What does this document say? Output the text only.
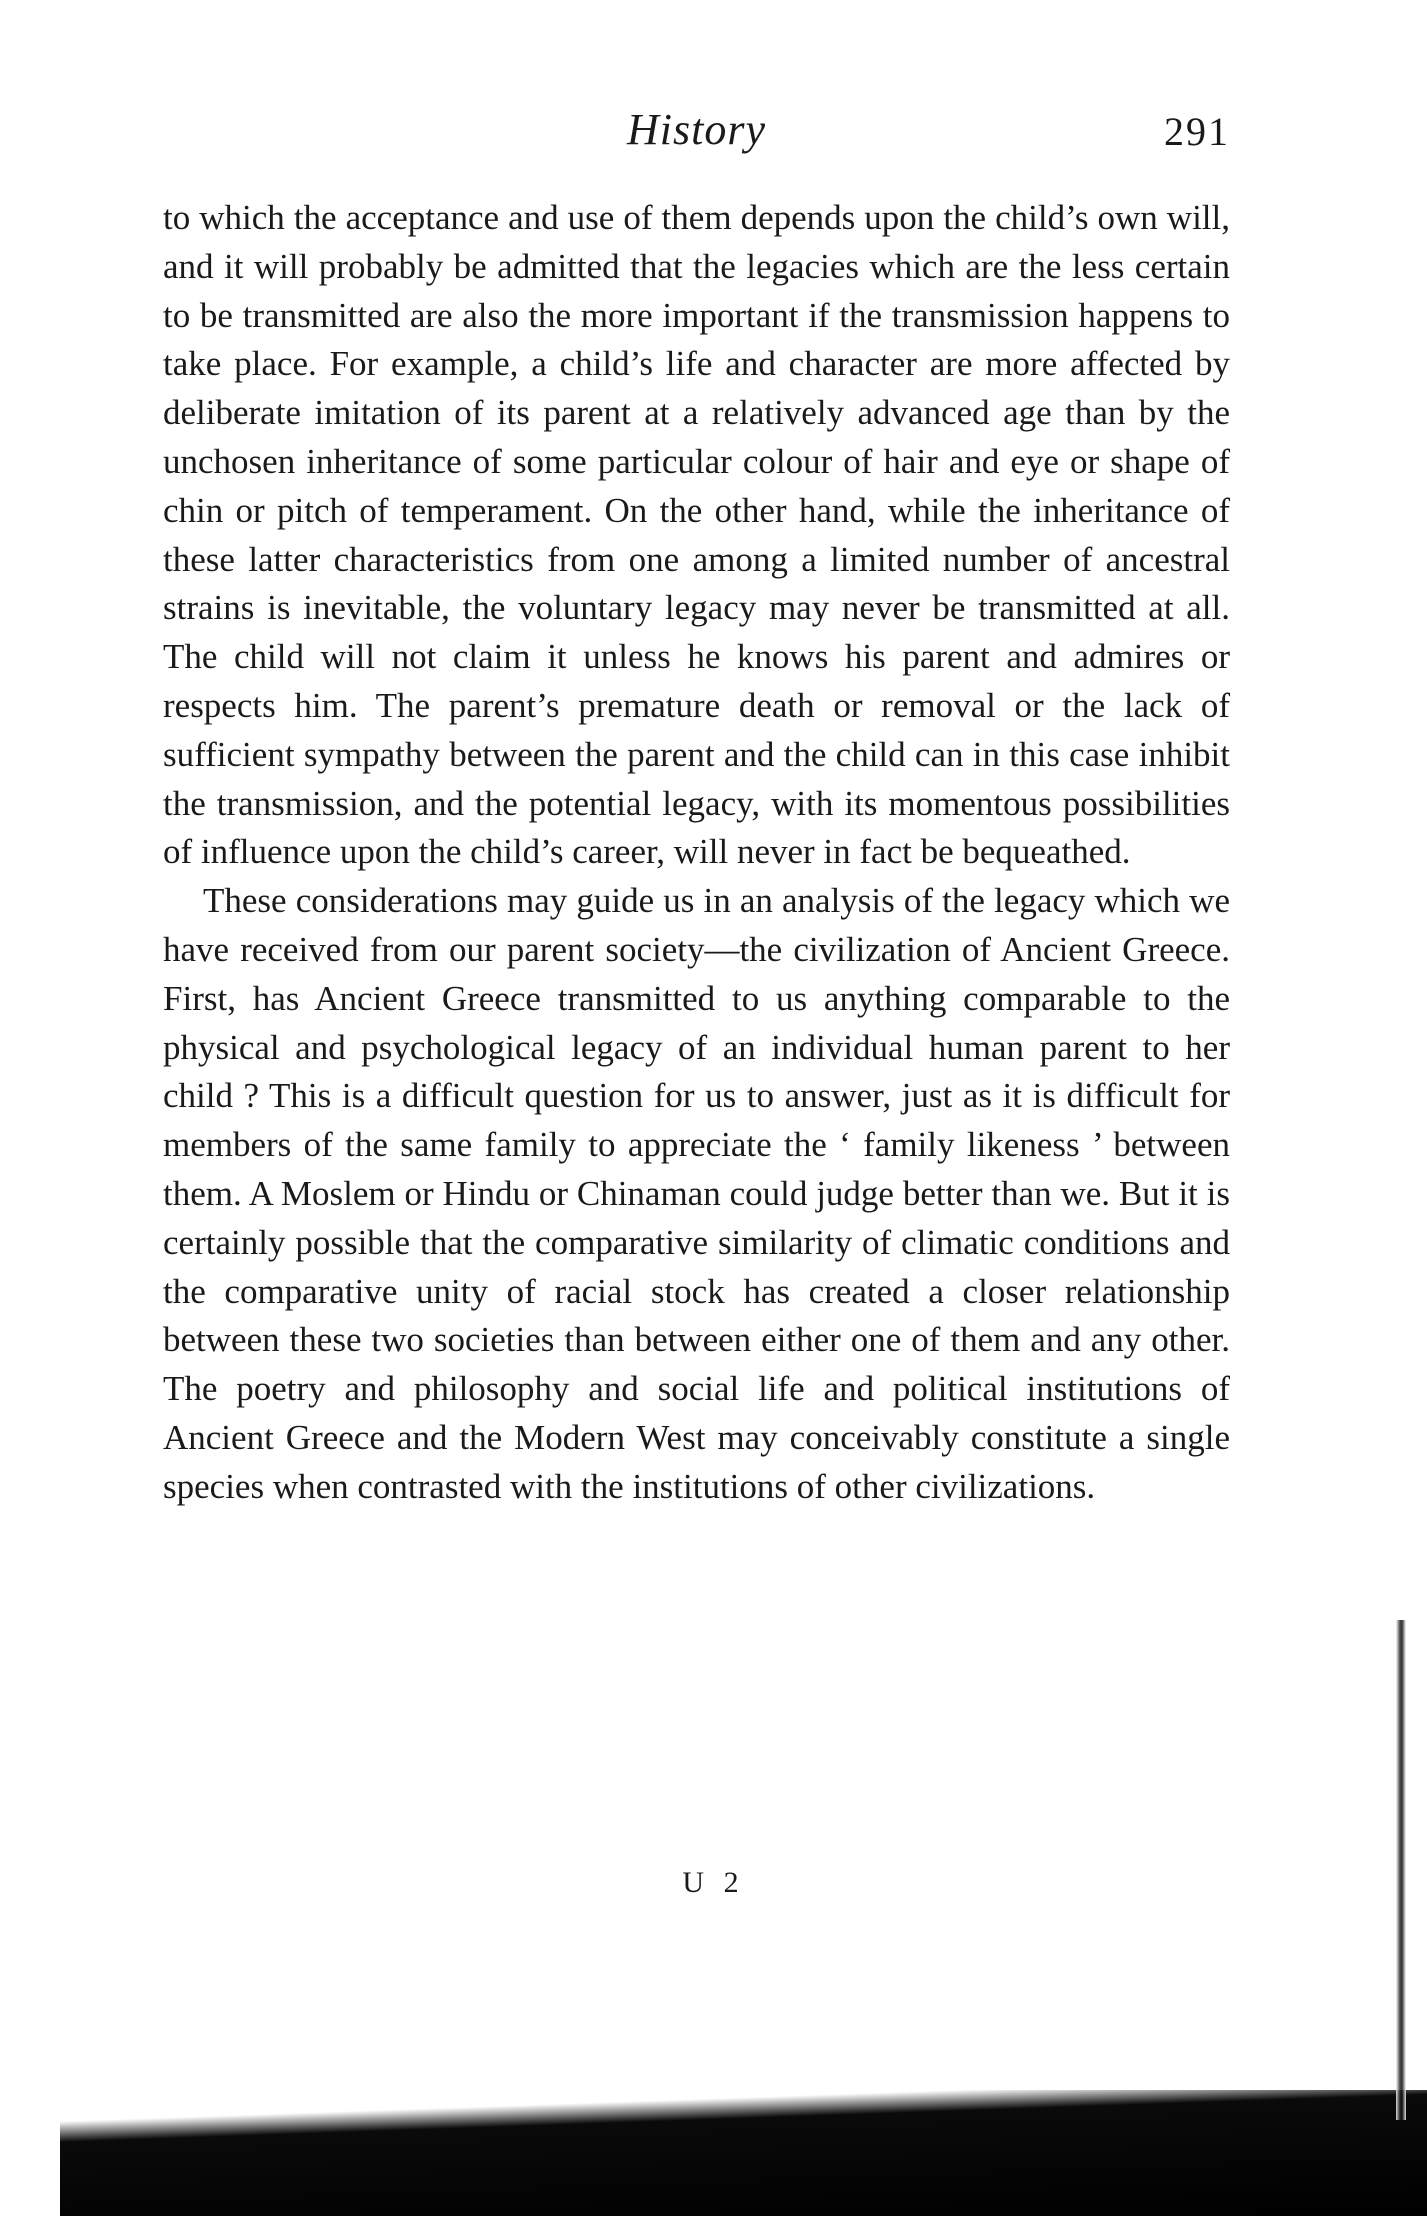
History	291

to which the acceptance and use of them depends upon the child’s own will, and it will probably be admitted that the legacies which are the less certain to be transmitted are also the more important if the transmission happens to take place. For example, a child’s life and character are more affected by deliberate imitation of its parent at a relatively advanced age than by the unchosen inheritance of some particular colour of hair and eye or shape of chin or pitch of temperament. On the other hand, while the inheritance of these latter characteristics from one among a limited number of ancestral strains is inevitable, the voluntary legacy may never be transmitted at all. The child will not claim it unless he knows his parent and admires or respects him. The parent’s premature death or removal or the lack of sufficient sympathy between the parent and the child can in this case inhibit the transmission, and the potential legacy, with its momentous possibilities of influence upon the child’s career, will never in fact be bequeathed.

These considerations may guide us in an analysis of the legacy which we have received from our parent society—the civilization of Ancient Greece. First, has Ancient Greece transmitted to us anything comparable to the physical and psychological legacy of an individual human parent to her child ? This is a difficult question for us to answer, just as it is difficult for members of the same family to appreciate the ‘ family likeness ’ between them. A Moslem or Hindu or Chinaman could judge better than we. But it is certainly possible that the comparative similarity of climatic conditions and the comparative unity of racial stock has created a closer relationship between these two societies than between either one of them and any other. The poetry and philosophy and social life and political institutions of Ancient Greece and the Modern West may conceivably constitute a single species when contrasted with the institutions of other civilizations.

U 2
